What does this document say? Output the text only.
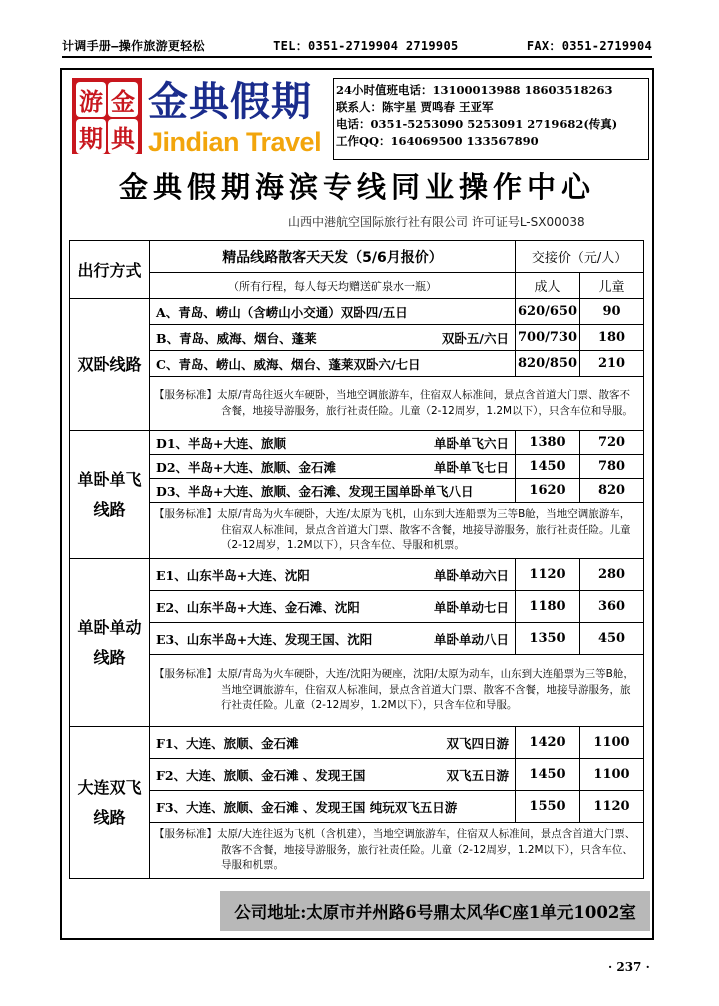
计调手册—操作旅游更轻松	TEL：0351-2719904 2719905	FAX：0351-2719904
游 金
期 典
金典假期
Jindian Travel
24小时值班电话：13100013988 18603518263
联系人：陈宇星 贾鸣春 王亚军
电话：0351-5253090 5253091 2719682(传真)
工作QQ：164069500 133567890
金典假期海滨专线同业操作中心
山西中港航空国际旅行社有限公司 许可证号L-SX00038
出行方式	精品线路散客天天发（5/6月报价）	交接价（元/人）	
	（所有行程，每人每天均赠送矿泉水一瓶）	成人	儿童
双卧线路	A、青岛、崂山（含崂山小交通）双卧四/五日	620/650	90

	B、青岛、威海、烟台、蓬莱 双卧五/六日	700/730	180

	C、青岛、崂山、威海、烟台、蓬莱双卧六/七日	820/850	210

	【服务标准】太原/青岛往返火车硬卧，当地空调旅游车，住宿双人标准间，景点含首道大门票、散客不含餐，地接导游服务，旅行社责任险。儿童（2-12周岁，1.2M以下），只含车位和导服。		

单卧单飞线路	D1、半岛+大连、旅顺 单卧单飞六日	1380	720

	D2、半岛+大连、旅顺、金石滩 单卧单飞七日	1450	780

	D3、半岛+大连、旅顺、金石滩、发现王国单卧单飞八日	1620	820

	【服务标准】太原/青岛为火车硬卧，大连/太原为飞机，山东到大连船票为三等B舱，当地空调旅游车，住宿双人标准间，景点含首道大门票、散客不含餐，地接导游服务，旅行社责任险。儿童（2-12周岁，1.2M以下），只含车位、导服和机票。		

单卧单动线路	E1、山东半岛+大连、沈阳 单卧单动六日	1120	280

	E2、山东半岛+大连、金石滩、沈阳 单卧单动七日	1180	360

	E3、山东半岛+大连、发现王国、沈阳 单卧单动八日	1350	450

	【服务标准】太原/青岛为火车硬卧，大连/沈阳为硬座，沈阳/太原为动车，山东到大连船票为三等B舱，当地空调旅游车，住宿双人标准间，景点含首道大门票、散客不含餐，地接导游服务，旅行社责任险。儿童（2-12周岁，1.2M以下），只含车位和导服。		

大连双飞线路	F1、大连、旅顺、金石滩 双飞四日游	1420	1100

	F2、大连、旅顺、金石滩 、发现王国 双飞五日游	1450	1100

	F3、大连、旅顺、金石滩 、发现王国 纯玩双飞五日游	1550	1120

	【服务标准】太原/大连往返为飞机（含机建），当地空调旅游车，住宿双人标准间，景点含首道大门票、散客不含餐，地接导游服务，旅行社责任险。儿童（2-12周岁，1.2M以下），只含车位、导服和机票。		
公司地址:太原市并州路6号鼎太风华C座1单元1002室
· 237 ·
